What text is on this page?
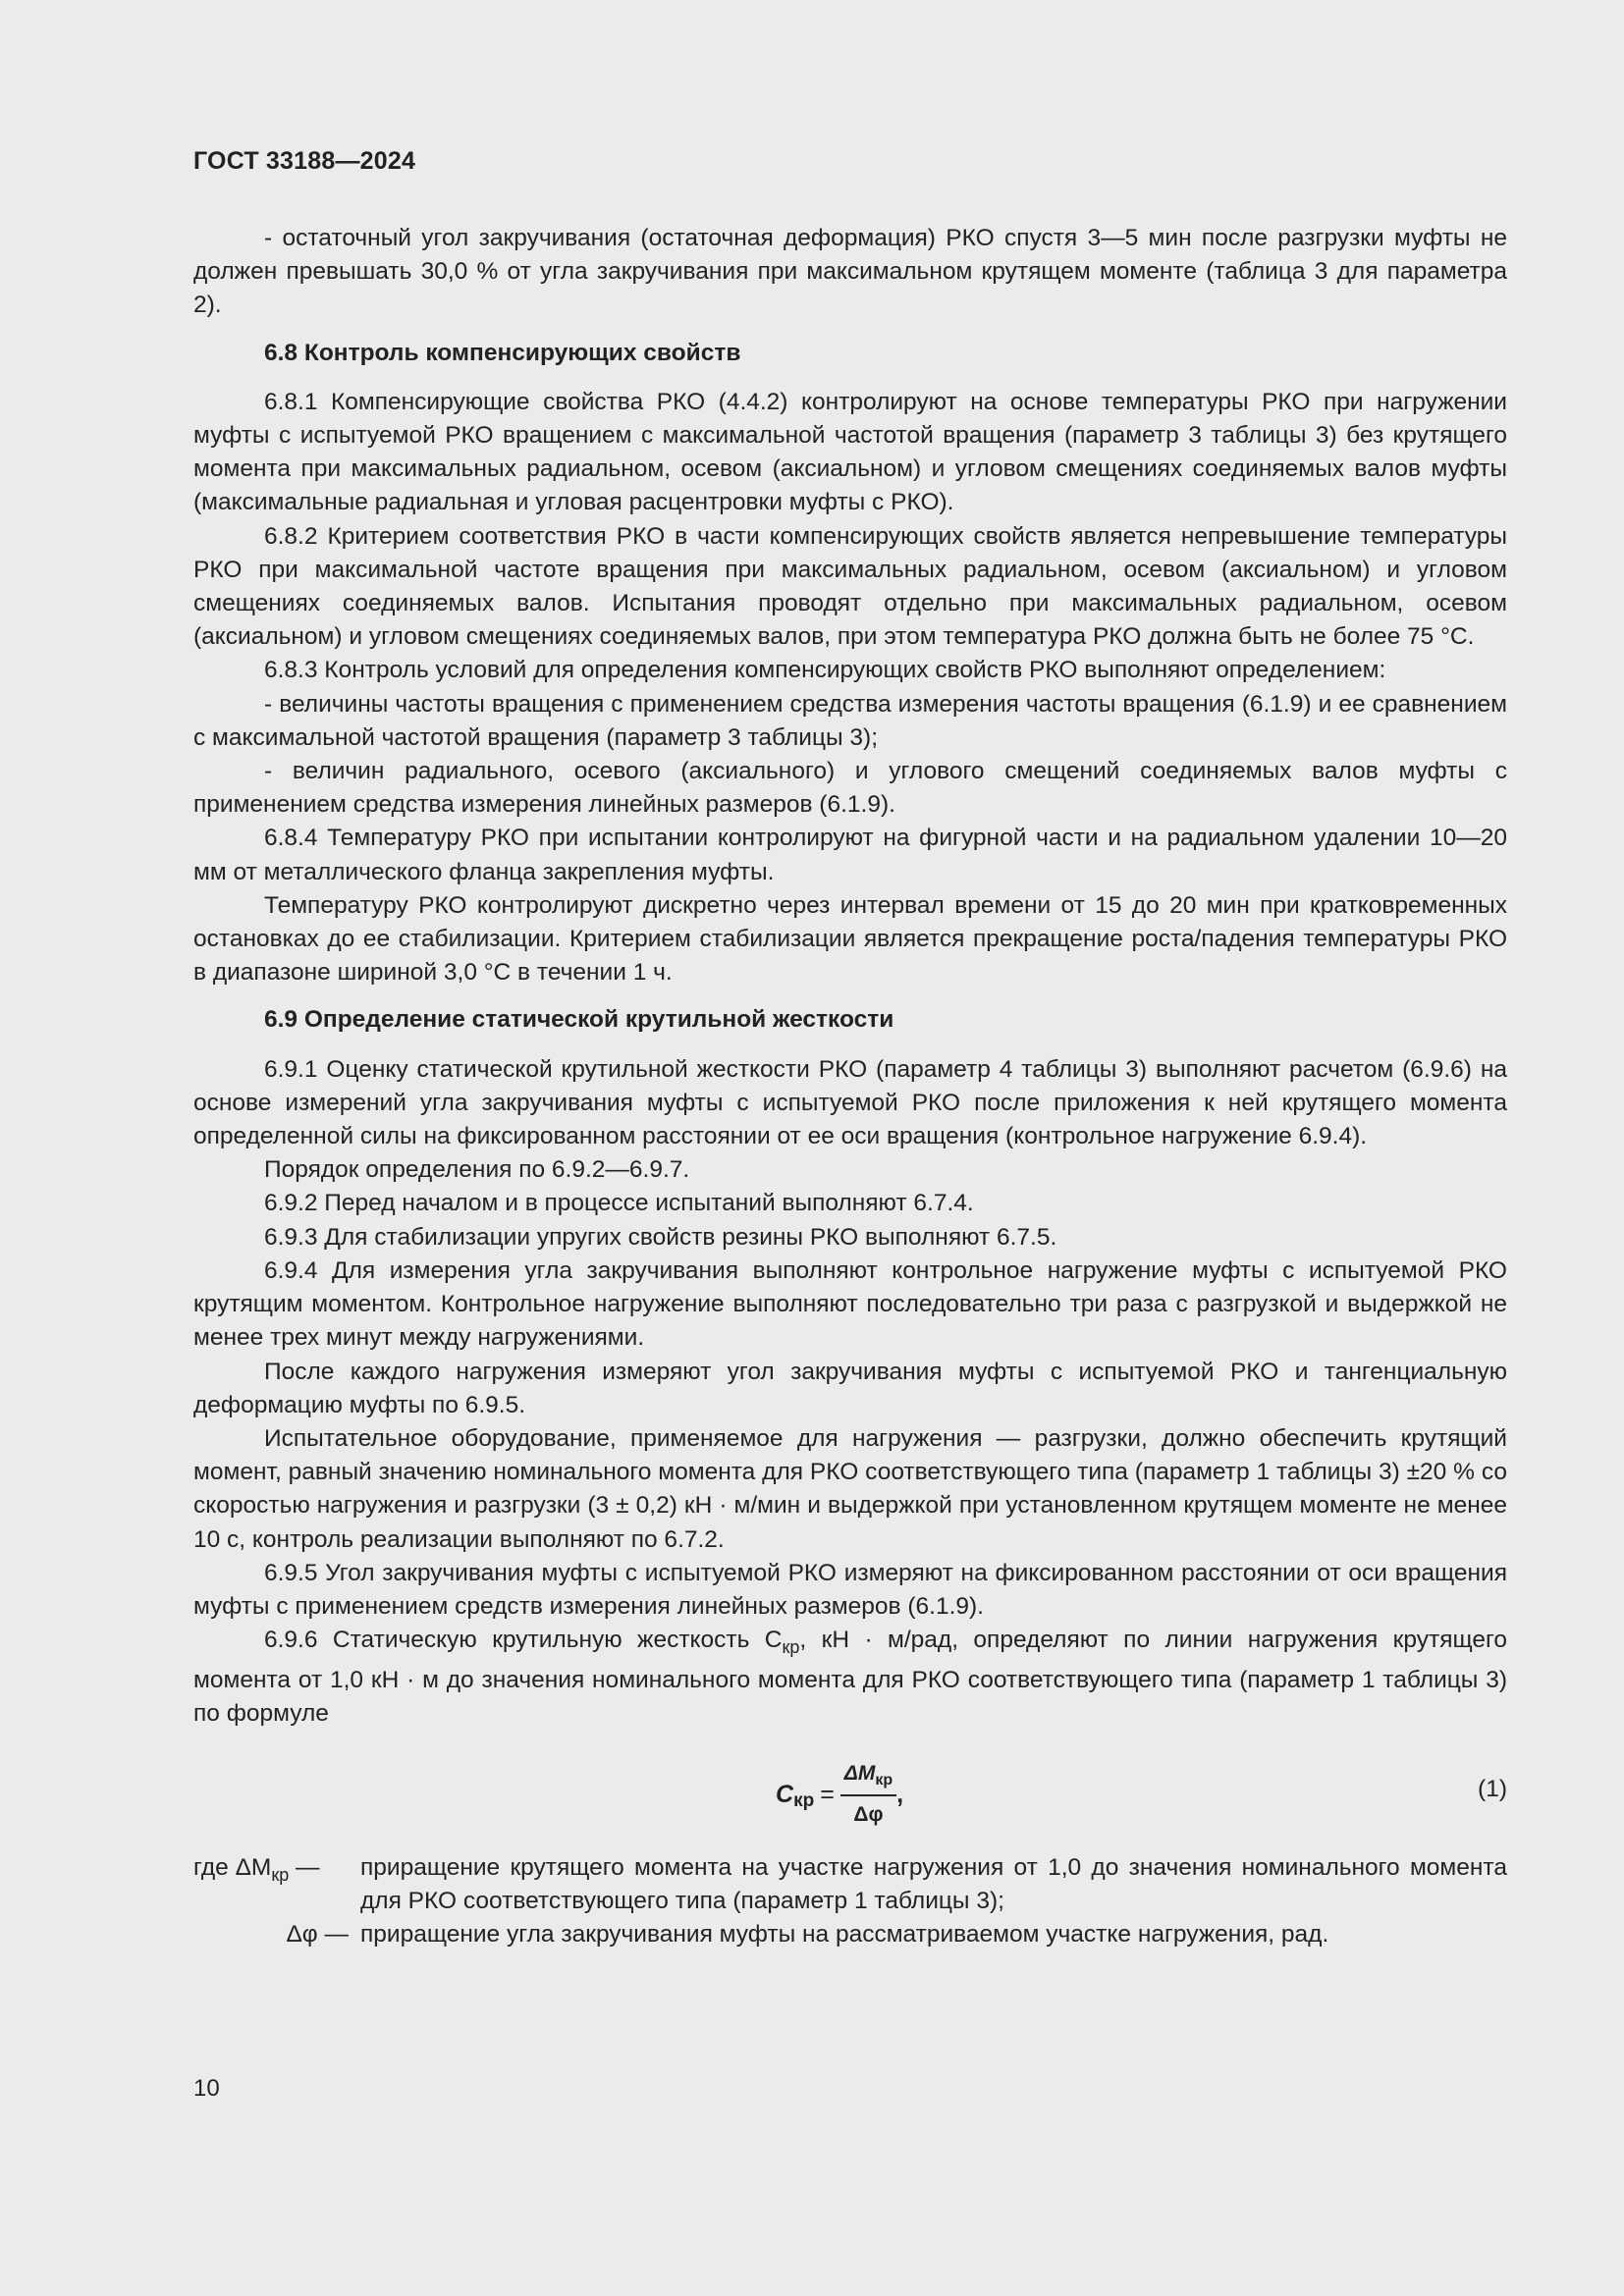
ГОСТ 33188—2024

- остаточный угол закручивания (остаточная деформация) РКО спустя 3—5 мин после разгрузки муфты не должен превышать 30,0 % от угла закручивания при максимальном крутящем моменте (таблица 3 для параметра 2).

6.8 Контроль компенсирующих свойств

6.8.1 Компенсирующие свойства РКО (4.4.2) контролируют на основе температуры РКО при нагружении муфты с испытуемой РКО вращением с максимальной частотой вращения (параметр 3 таблицы 3) без крутящего момента при максимальных радиальном, осевом (аксиальном) и угловом смещениях соединяемых валов муфты (максимальные радиальная и угловая расцентровки муфты с РКО).

6.8.2 Критерием соответствия РКО в части компенсирующих свойств является непревышение температуры РКО при максимальной частоте вращения при максимальных радиальном, осевом (аксиальном) и угловом смещениях соединяемых валов. Испытания проводят отдельно при максимальных радиальном, осевом (аксиальном) и угловом смещениях соединяемых валов, при этом температура РКО должна быть не более 75 °С.

6.8.3 Контроль условий для определения компенсирующих свойств РКО выполняют определением:

- величины частоты вращения с применением средства измерения частоты вращения (6.1.9) и ее сравнением с максимальной частотой вращения (параметр 3 таблицы 3);

- величин радиального, осевого (аксиального) и углового смещений соединяемых валов муфты с применением средства измерения линейных размеров (6.1.9).

6.8.4 Температуру РКО при испытании контролируют на фигурной части и на радиальном удалении 10—20 мм от металлического фланца закрепления муфты.

Температуру РКО контролируют дискретно через интервал времени от 15 до 20 мин при кратковременных остановках до ее стабилизации. Критерием стабилизации является прекращение роста/падения температуры РКО в диапазоне шириной 3,0 °С в течении 1 ч.

6.9 Определение статической крутильной жесткости

6.9.1 Оценку статической крутильной жесткости РКО (параметр 4 таблицы 3) выполняют расчетом (6.9.6) на основе измерений угла закручивания муфты с испытуемой РКО после приложения к ней крутящего момента определенной силы на фиксированном расстоянии от ее оси вращения (контрольное нагружение 6.9.4).

Порядок определения по 6.9.2—6.9.7.

6.9.2 Перед началом и в процессе испытаний выполняют 6.7.4.

6.9.3 Для стабилизации упругих свойств резины РКО выполняют 6.7.5.

6.9.4 Для измерения угла закручивания выполняют контрольное нагружение муфты с испытуемой РКО крутящим моментом. Контрольное нагружение выполняют последовательно три раза с разгрузкой и выдержкой не менее трех минут между нагружениями.

После каждого нагружения измеряют угол закручивания муфты с испытуемой РКО и тангенциальную деформацию муфты по 6.9.5.

Испытательное оборудование, применяемое для нагружения — разгрузки, должно обеспечить крутящий момент, равный значению номинального момента для РКО соответствующего типа (параметр 1 таблицы 3) ±20 % со скоростью нагружения и разгрузки (3 ± 0,2) кН · м/мин и выдержкой при установленном крутящем моменте не менее 10 с, контроль реализации выполняют по 6.7.2.

6.9.5 Угол закручивания муфты с испытуемой РКО измеряют на фиксированном расстоянии от оси вращения муфты с применением средств измерения линейных размеров (6.1.9).

6.9.6 Статическую крутильную жесткость $С_{кр}$, кН · м/рад, определяют по линии нагружения крутящего момента от 1,0 кН · м до значения номинального момента для РКО соответствующего типа (параметр 1 таблицы 3) по формуле

C кр = $\frac{\Delta M_{кр}}{\Delta\varphi}$ ,	(1)
где $\Delta M_{кр}$ —	приращение крутящего момента на участке нагружения от 1,0 до значения номинального момента для РКО соответствующего типа (параметр 1 таблицы 3);
Δφ — приращение угла закручивания муфты на рассматриваемом участке нагружения, рад.
10
